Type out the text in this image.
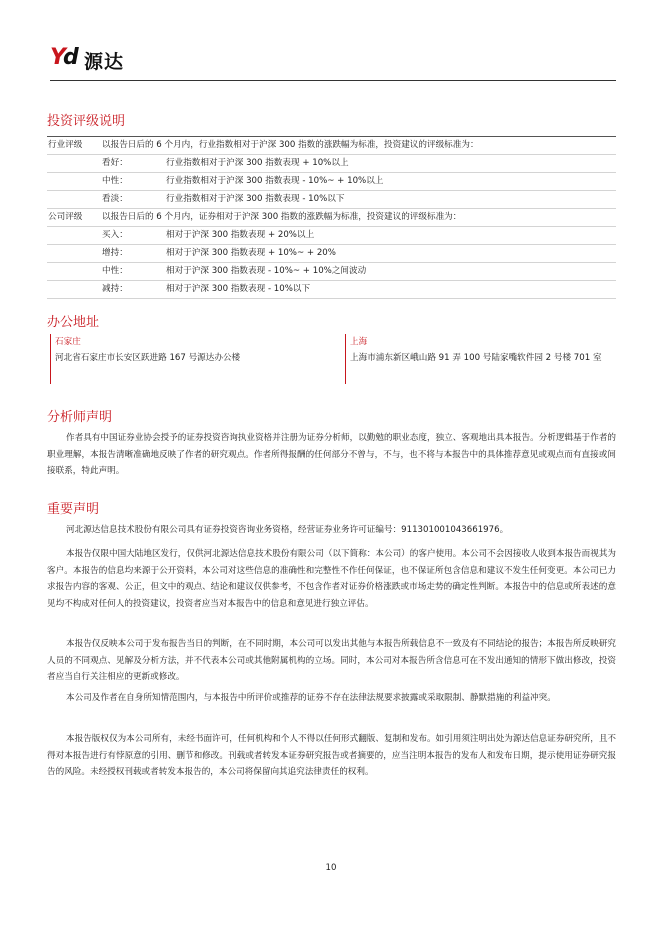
Y d 源达
投资评级说明
行业评级	以报告日后的 6 个月内，行业指数相对于沪深 300 指数的涨跌幅为标准，投资建议的评级标准为：	
	看好：	行业指数相对于沪深 300 指数表现 + 10%以上
	中性：	行业指数相对于沪深 300 指数表现 - 10%~ + 10%以上
	看淡：	行业指数相对于沪深 300 指数表现 - 10%以下
公司评级	以报告日后的 6 个月内，证券相对于沪深 300 指数的涨跌幅为标准，投资建议的评级标准为：	
	买入：	相对于沪深 300 指数表现 + 20%以上
	增持：	相对于沪深 300 指数表现 + 10%~ + 20%
	中性：	相对于沪深 300 指数表现 - 10%~ + 10%之间波动
	减持：	相对于沪深 300 指数表现 - 10%以下
办公地址
石家庄
河北省石家庄市长安区跃进路 167 号源达办公楼
上海
上海市浦东新区峨山路 91 弄 100 号陆家嘴软件园 2 号楼 701 室
分析师声明
作者具有中国证券业协会授予的证券投资咨询执业资格并注册为证券分析师，以勤勉的职业态度，独立、客观地出具本报告。分析逻辑基于作者的职业理解，本报告清晰准确地反映了作者的研究观点。作者所得报酬的任何部分不曾与，不与，也不将与本报告中的具体推荐意见或观点而有直接或间接联系，特此声明。
重要声明
河北源达信息技术股份有限公司具有证券投资咨询业务资格，经营证券业务许可证编号：911301001043661976。
本报告仅限中国大陆地区发行，仅供河北源达信息技术股份有限公司（以下简称：本公司）的客户使用。本公司不会因接收人收到本报告而视其为客户。本报告的信息均来源于公开资料，本公司对这些信息的准确性和完整性不作任何保证，也不保证所包含信息和建议不发生任何变更。本公司已力求报告内容的客观、公正，但文中的观点、结论和建议仅供参考，不包含作者对证券价格涨跌或市场走势的确定性判断。本报告中的信息或所表述的意见均不构成对任何人的投资建议，投资者应当对本报告中的信息和意见进行独立评估。
本报告仅反映本公司于发布报告当日的判断，在不同时期，本公司可以发出其他与本报告所载信息不一致及有不同结论的报告；本报告所反映研究人员的不同观点、见解及分析方法，并不代表本公司或其他附属机构的立场。同时，本公司对本报告所含信息可在不发出通知的情形下做出修改，投资者应当自行关注相应的更新或修改。
本公司及作者在自身所知情范围内，与本报告中所评价或推荐的证券不存在法律法规要求披露或采取限制、静默措施的利益冲突。
本报告版权仅为本公司所有，未经书面许可，任何机构和个人不得以任何形式翻版、复制和发布。如引用须注明出处为源达信息证券研究所，且不得对本报告进行有悖原意的引用、删节和修改。刊载或者转发本证券研究报告或者摘要的，应当注明本报告的发布人和发布日期，提示使用证券研究报告的风险。未经授权刊载或者转发本报告的，本公司将保留向其追究法律责任的权利。
10
